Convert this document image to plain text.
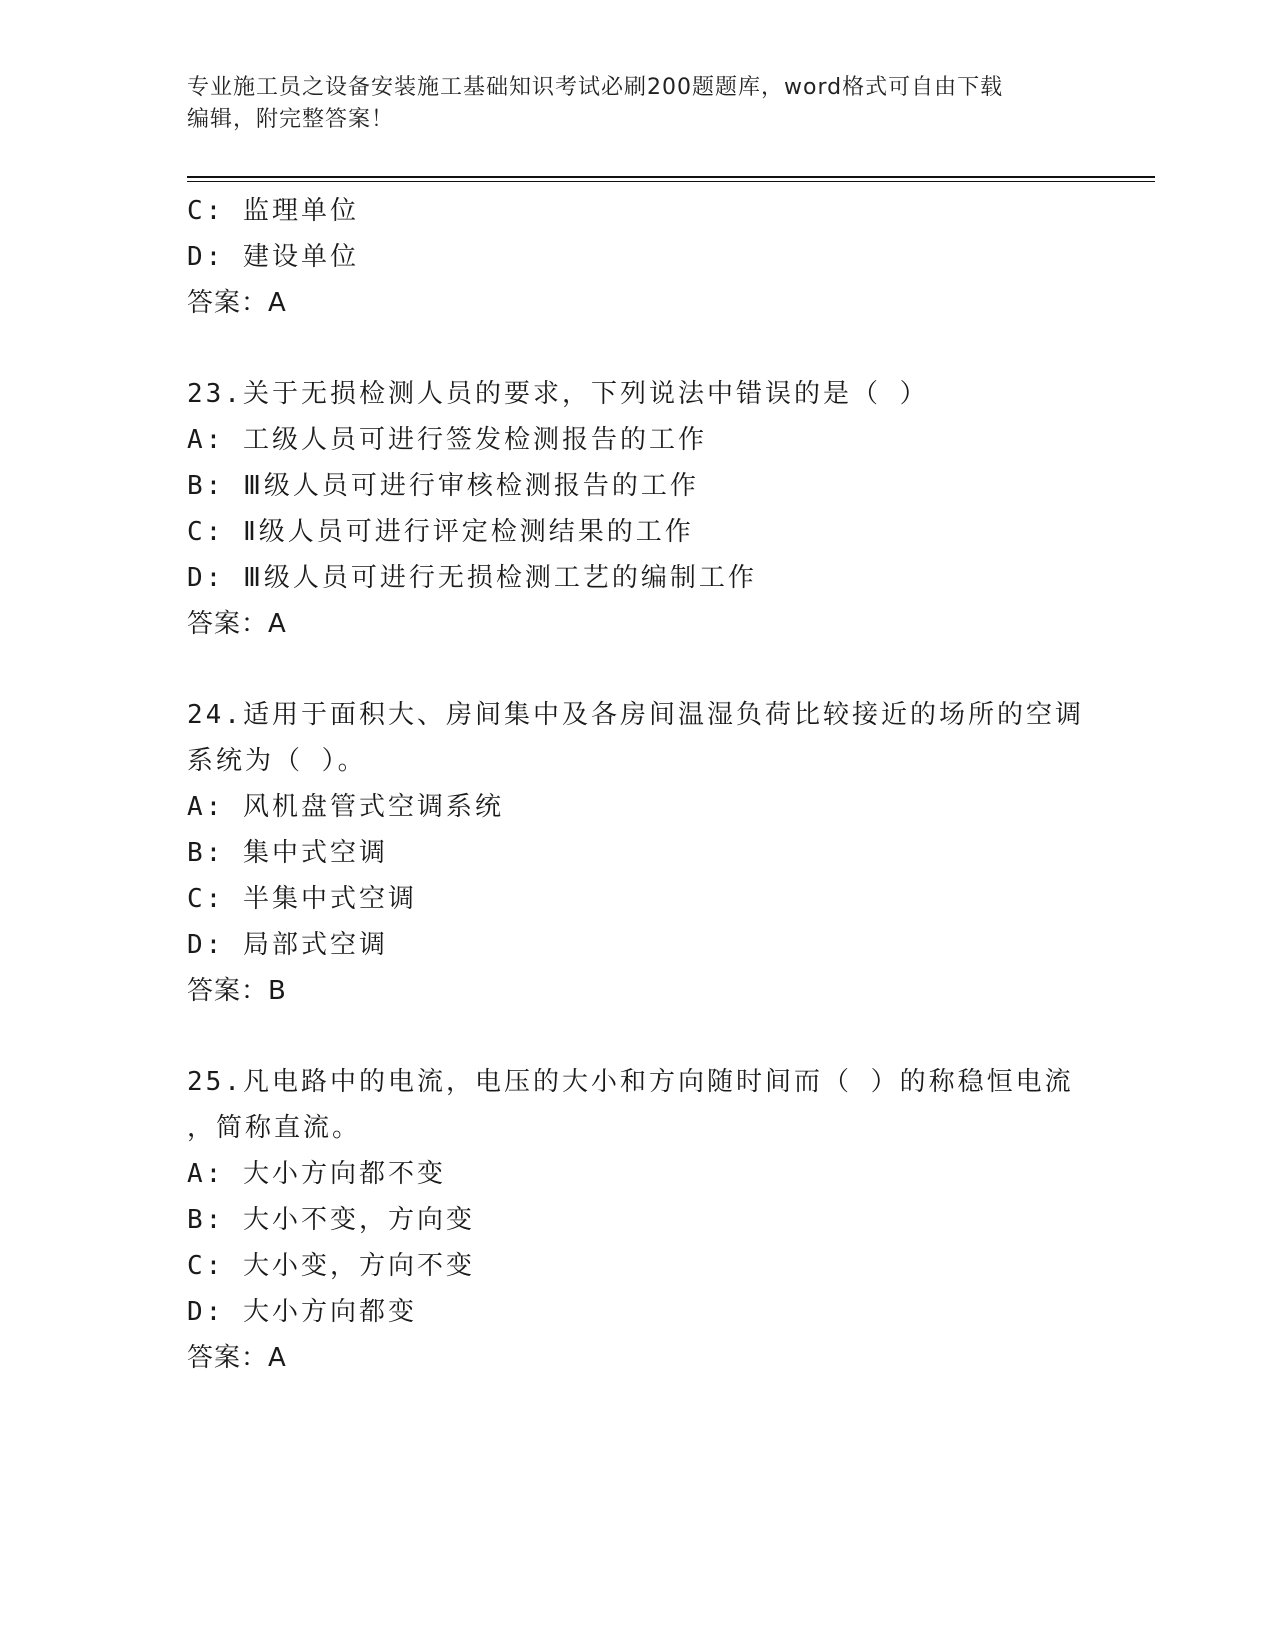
专业施工员之设备安装施工基础知识考试必刷200题题库，word格式可自由下载
编辑，附完整答案！
C: 监理单位
D: 建设单位
答案：A
23.关于无损检测人员的要求，下列说法中错误的是（ ）
A: 工级人员可进行签发检测报告的工作
B: Ⅲ级人员可进行审核检测报告的工作
C: Ⅱ级人员可进行评定检测结果的工作
D: Ⅲ级人员可进行无损检测工艺的编制工作
答案：A
24.适用于面积大、房间集中及各房间温湿负荷比较接近的场所的空调
系统为（ ）。
A: 风机盘管式空调系统
B: 集中式空调
C: 半集中式空调
D: 局部式空调
答案：B
25.凡电路中的电流，电压的大小和方向随时间而（ ）的称稳恒电流
，简称直流。
A: 大小方向都不变
B: 大小不变，方向变
C: 大小变，方向不变
D: 大小方向都变
答案：A
